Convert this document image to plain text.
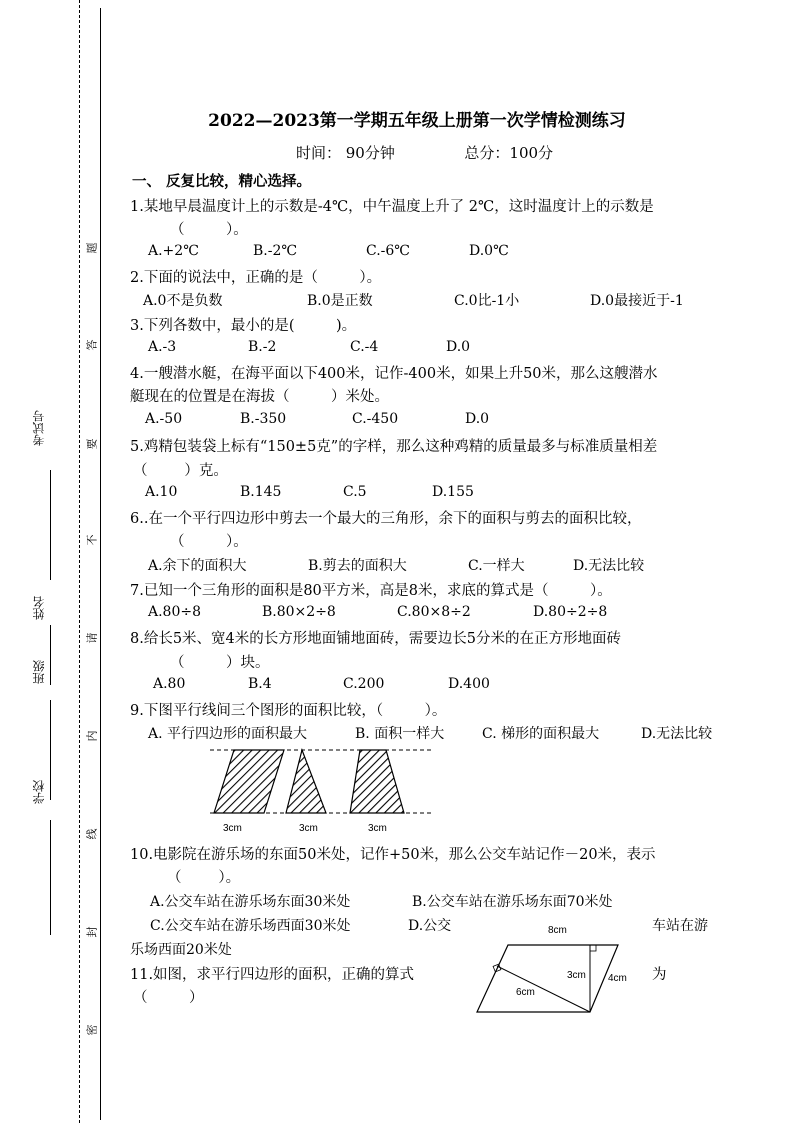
考试号
姓名
班级
学校
题
答
要
不
请
内
线
封
密
2022—2023第一学期五年级上册第一次学情检测练习
时间： 90分钟	总分：100分
一、 反复比较，精心选择。
1.某地早晨温度计上的示数是-4℃，中午温度上升了 2℃，这时温度计上的示数是
（         ）。
A.+2℃	B.-2℃	C.-6℃	D.0℃
2.下面的说法中，正确的是（         ）。
A.0不是负数	B.0是正数	C.0比-1小	D.0最接近于-1
3.下列各数中，最小的是(         )。
A.-3	B.-2	C.-4	D.0
4.一艘潜水艇，在海平面以下400米，记作-400米，如果上升50米，那么这艘潜水
艇现在的位置是在海拔（         ）米处。
A.-50	B.-350	C.-450	D.0
5.鸡精包装袋上标有“150±5克”的字样，那么这种鸡精的质量最多与标准质量相差
（        ）克。
A.10	B.145	C.5	D.155
6..在一个平行四边形中剪去一个最大的三角形，余下的面积与剪去的面积比较，
（         ）。
A.余下的面积大	B.剪去的面积大	C.一样大	D.无法比较
7.已知一个三角形的面积是80平方米，高是8米，求底的算式是（         ）。
A.80÷8	B.80×2÷8	C.80×8÷2	D.80÷2÷8
8.给长5米、宽4米的长方形地面铺地面砖，需要边长5分米的在正方形地面砖
（         ）块。
A.80	B.4	C.200	D.400
9.下图平行线间三个图形的面积比较，（         ）。
A. 平行四边形的面积最大	B. 面积一样大	C. 梯形的面积最大	D.无法比较
3cm	3cm	3cm
10.电影院在游乐场的东面50米处，记作+50米，那么公交车站记作－20米，表示
（        ）。
A.公交车站在游乐场东面30米处	B.公交车站在游乐场东面70米处
C.公交车站在游乐场西面30米处	D.公交	车站在游
乐场西面20米处
11.如图，求平行四边形的面积，正确的算式	为
（         ）
8cm
3cm 4cm
6cm
